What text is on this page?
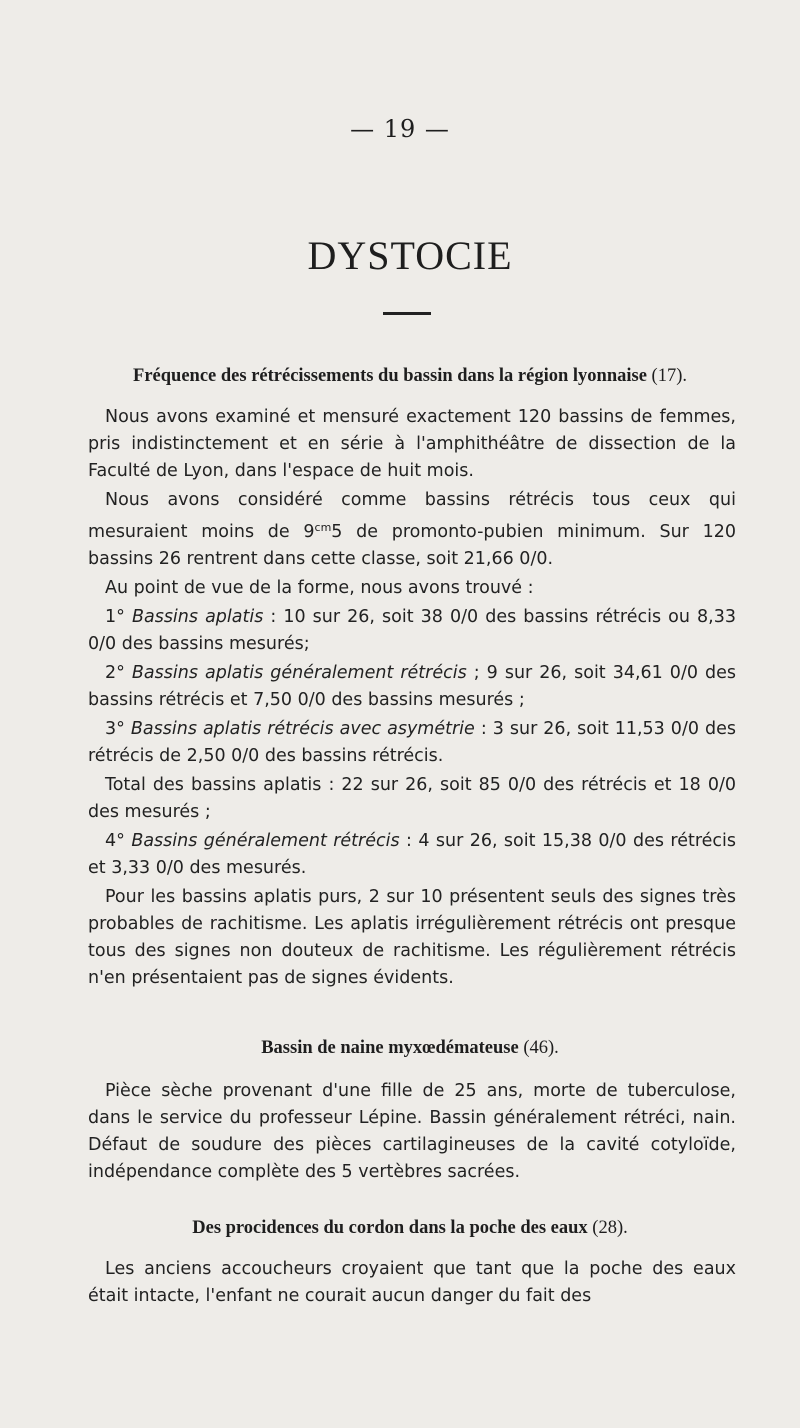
— 19 —
DYSTOCIE
Fréquence des rétrécissements du bassin dans la région lyonnaise (17).

Nous avons examiné et mensuré exactement 120 bassins de femmes, pris indistinctement et en série à l'amphithéâtre de dissection de la Faculté de Lyon, dans l'espace de huit mois.

Nous avons considéré comme bassins rétrécis tous ceux qui mesuraient moins de $9^{cm}5$ de promonto-pubien minimum. Sur 120 bassins 26 rentrent dans cette classe, soit 21,66 0/0.

Au point de vue de la forme, nous avons trouvé :

1° Bassins aplatis : 10 sur 26, soit 38 0/0 des bassins rétrécis ou 8,33 0/0 des bassins mesurés;

2° Bassins aplatis généralement rétrécis ; 9 sur 26, soit 34,61 0/0 des bassins rétrécis et 7,50 0/0 des bassins mesurés ;

3° Bassins aplatis rétrécis avec asymétrie : 3 sur 26, soit 11,53 0/0 des rétrécis de 2,50 0/0 des bassins rétrécis.

Total des bassins aplatis : 22 sur 26, soit 85 0/0 des rétrécis et 18 0/0 des mesurés ;

4° Bassins généralement rétrécis : 4 sur 26, soit 15,38 0/0 des rétrécis et 3,33 0/0 des mesurés.

Pour les bassins aplatis purs, 2 sur 10 présentent seuls des signes très probables de rachitisme. Les aplatis irrégulièrement rétrécis ont presque tous des signes non douteux de rachitisme. Les régulièrement rétrécis n'en présentaient pas de signes évidents.

Bassin de naine myxœdémateuse (46).

Pièce sèche provenant d'une fille de 25 ans, morte de tuberculose, dans le service du professeur Lépine. Bassin généralement rétréci, nain. Défaut de soudure des pièces cartilagineuses de la cavité cotyloïde, indépendance complète des 5 vertèbres sacrées.

Des procidences du cordon dans la poche des eaux (28).

Les anciens accoucheurs croyaient que tant que la poche des eaux était intacte, l'enfant ne courait aucun danger du fait des
